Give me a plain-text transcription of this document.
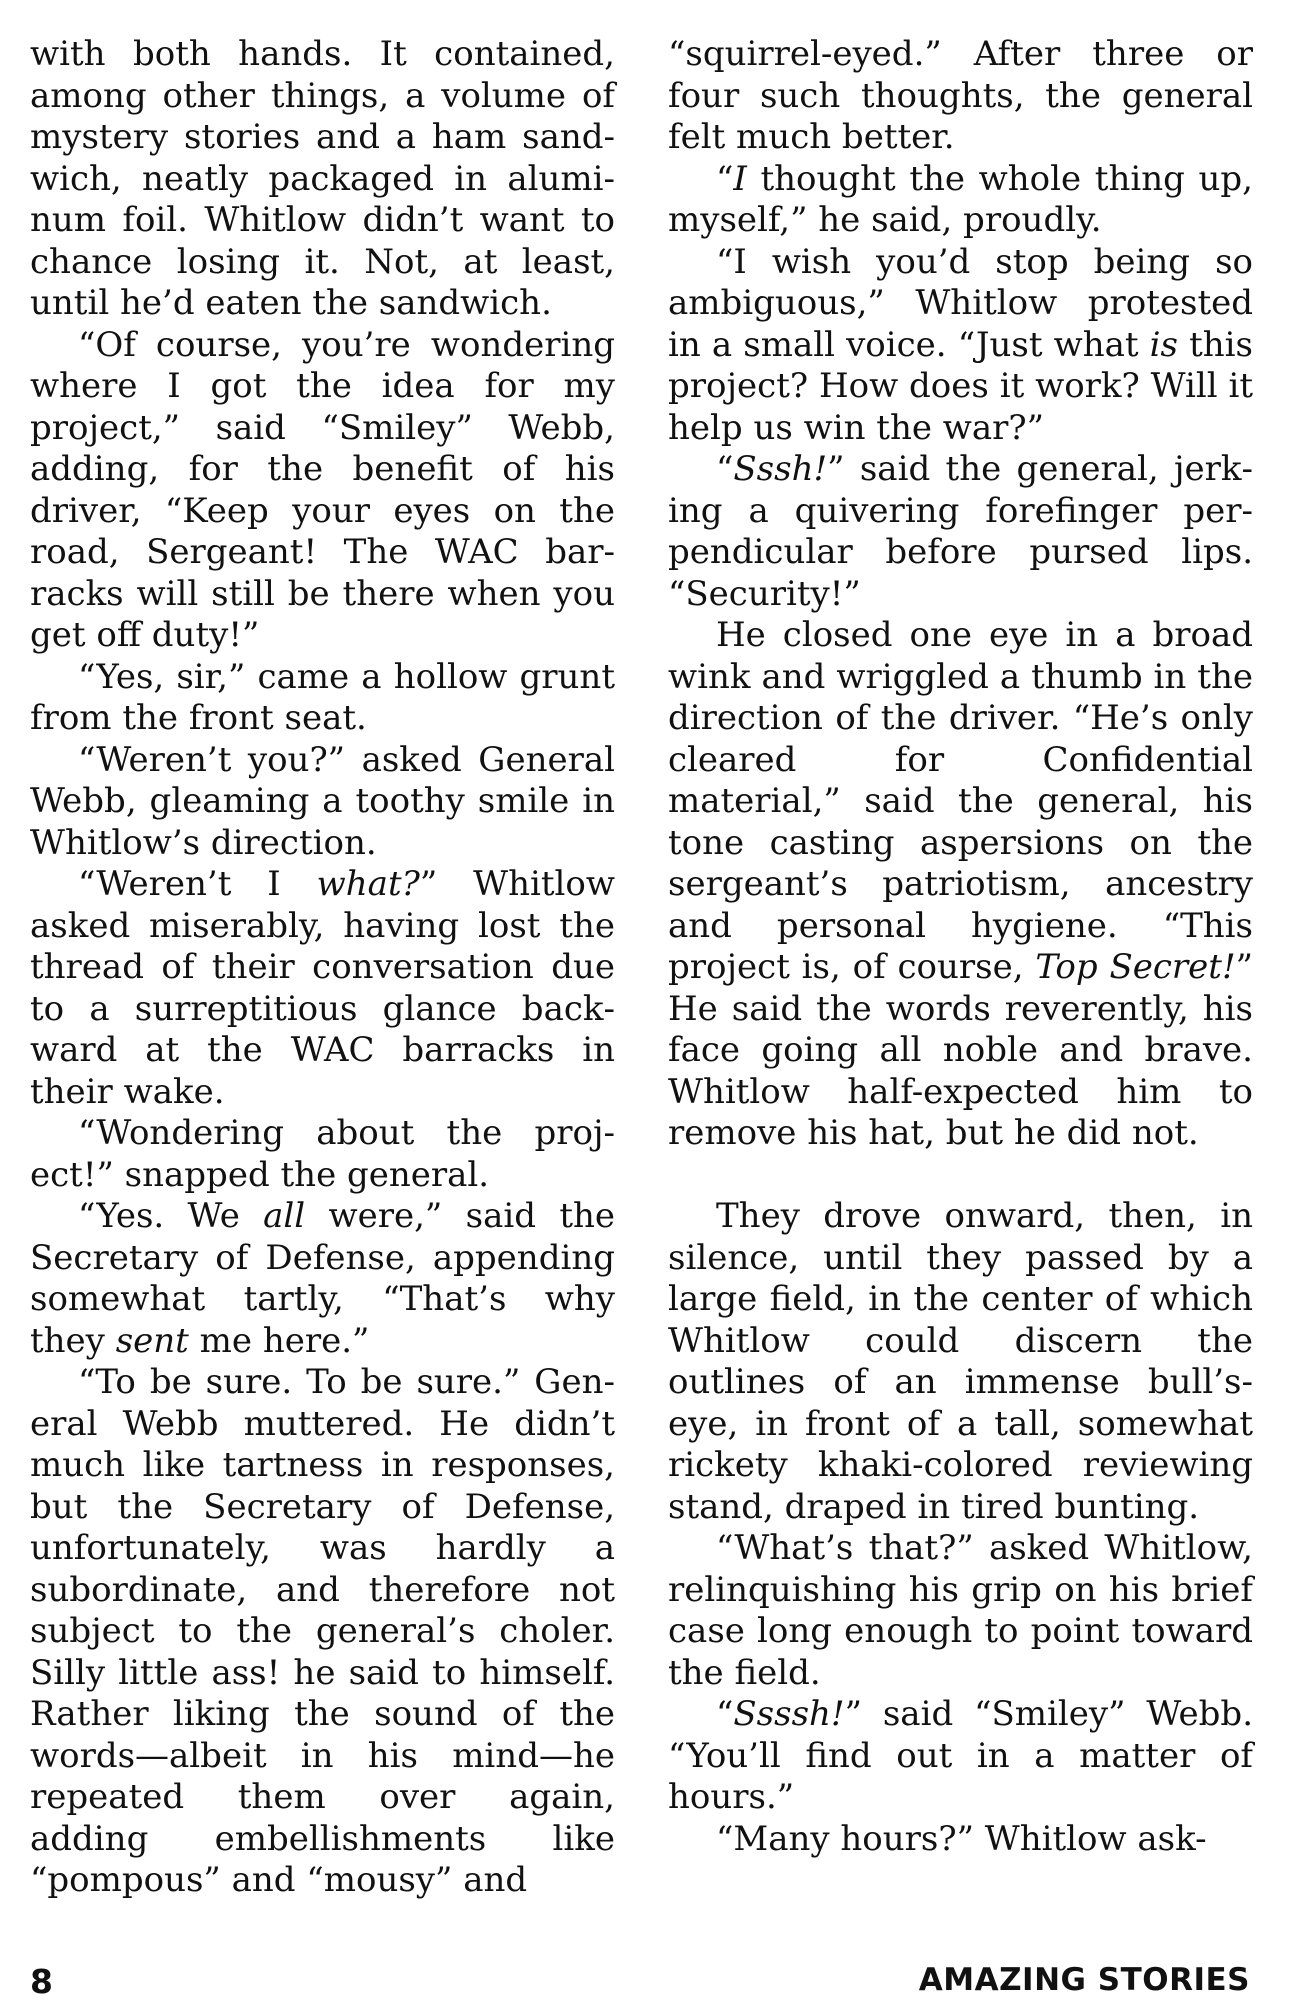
with both hands. It contained, among other things, a volume of mystery stories and a ham sandwich, neatly packaged in aluminum foil. Whitlow didn’t want to chance losing it. Not, at least, until he’d eaten the sandwich.

“Of course, you’re wondering where I got the idea for my project,” said “Smiley” Webb, adding, for the benefit of his driver, “Keep your eyes on the road, Sergeant! The WAC barracks will still be there when you get off duty!”

“Yes, sir,” came a hollow grunt from the front seat.

“Weren’t you?” asked General Webb, gleaming a toothy smile in Whitlow’s direction.

“Weren’t I what?” Whitlow asked miserably, having lost the thread of their conversation due to a surreptitious glance backward at the WAC barracks in their wake.

“Wondering about the project!” snapped the general.

“Yes. We all were,” said the Secretary of Defense, appending somewhat tartly, “That’s why they sent me here.”

“To be sure. To be sure.” General Webb muttered. He didn’t much like tartness in responses, but the Secretary of Defense, unfortunately, was hardly a subordinate, and therefore not subject to the general’s choler. Silly little ass! he said to himself. Rather liking the sound of the words—albeit in his mind—he repeated them over again, adding embellishments like “pompous” and “mousy” and

“squirrel-eyed.” After three or four such thoughts, the general felt much better.

“I thought the whole thing up, myself,” he said, proudly.

“I wish you’d stop being so ambiguous,” Whitlow protested in a small voice. “Just what is this project? How does it work? Will it help us win the war?”

“Sssh!” said the general, jerking a quivering forefinger perpendicular before pursed lips. “Security!”

He closed one eye in a broad wink and wriggled a thumb in the direction of the driver. “He’s only cleared for Confidential material,” said the general, his tone casting aspersions on the sergeant’s patriotism, ancestry and personal hygiene. “This project is, of course, Top Secret!” He said the words reverently, his face going all noble and brave. Whitlow half-expected him to remove his hat, but he did not.

They drove onward, then, in silence, until they passed by a large field, in the center of which Whitlow could discern the outlines of an immense bull’s-eye, in front of a tall, somewhat rickety khaki-colored reviewing stand, draped in tired bunting.

“What’s that?” asked Whitlow, relinquishing his grip on his brief case long enough to point toward the field.

“Ssssh!” said “Smiley” Webb. “You’ll find out in a matter of hours.”

“Many hours?” Whitlow ask-

8	AMAZING STORIES
